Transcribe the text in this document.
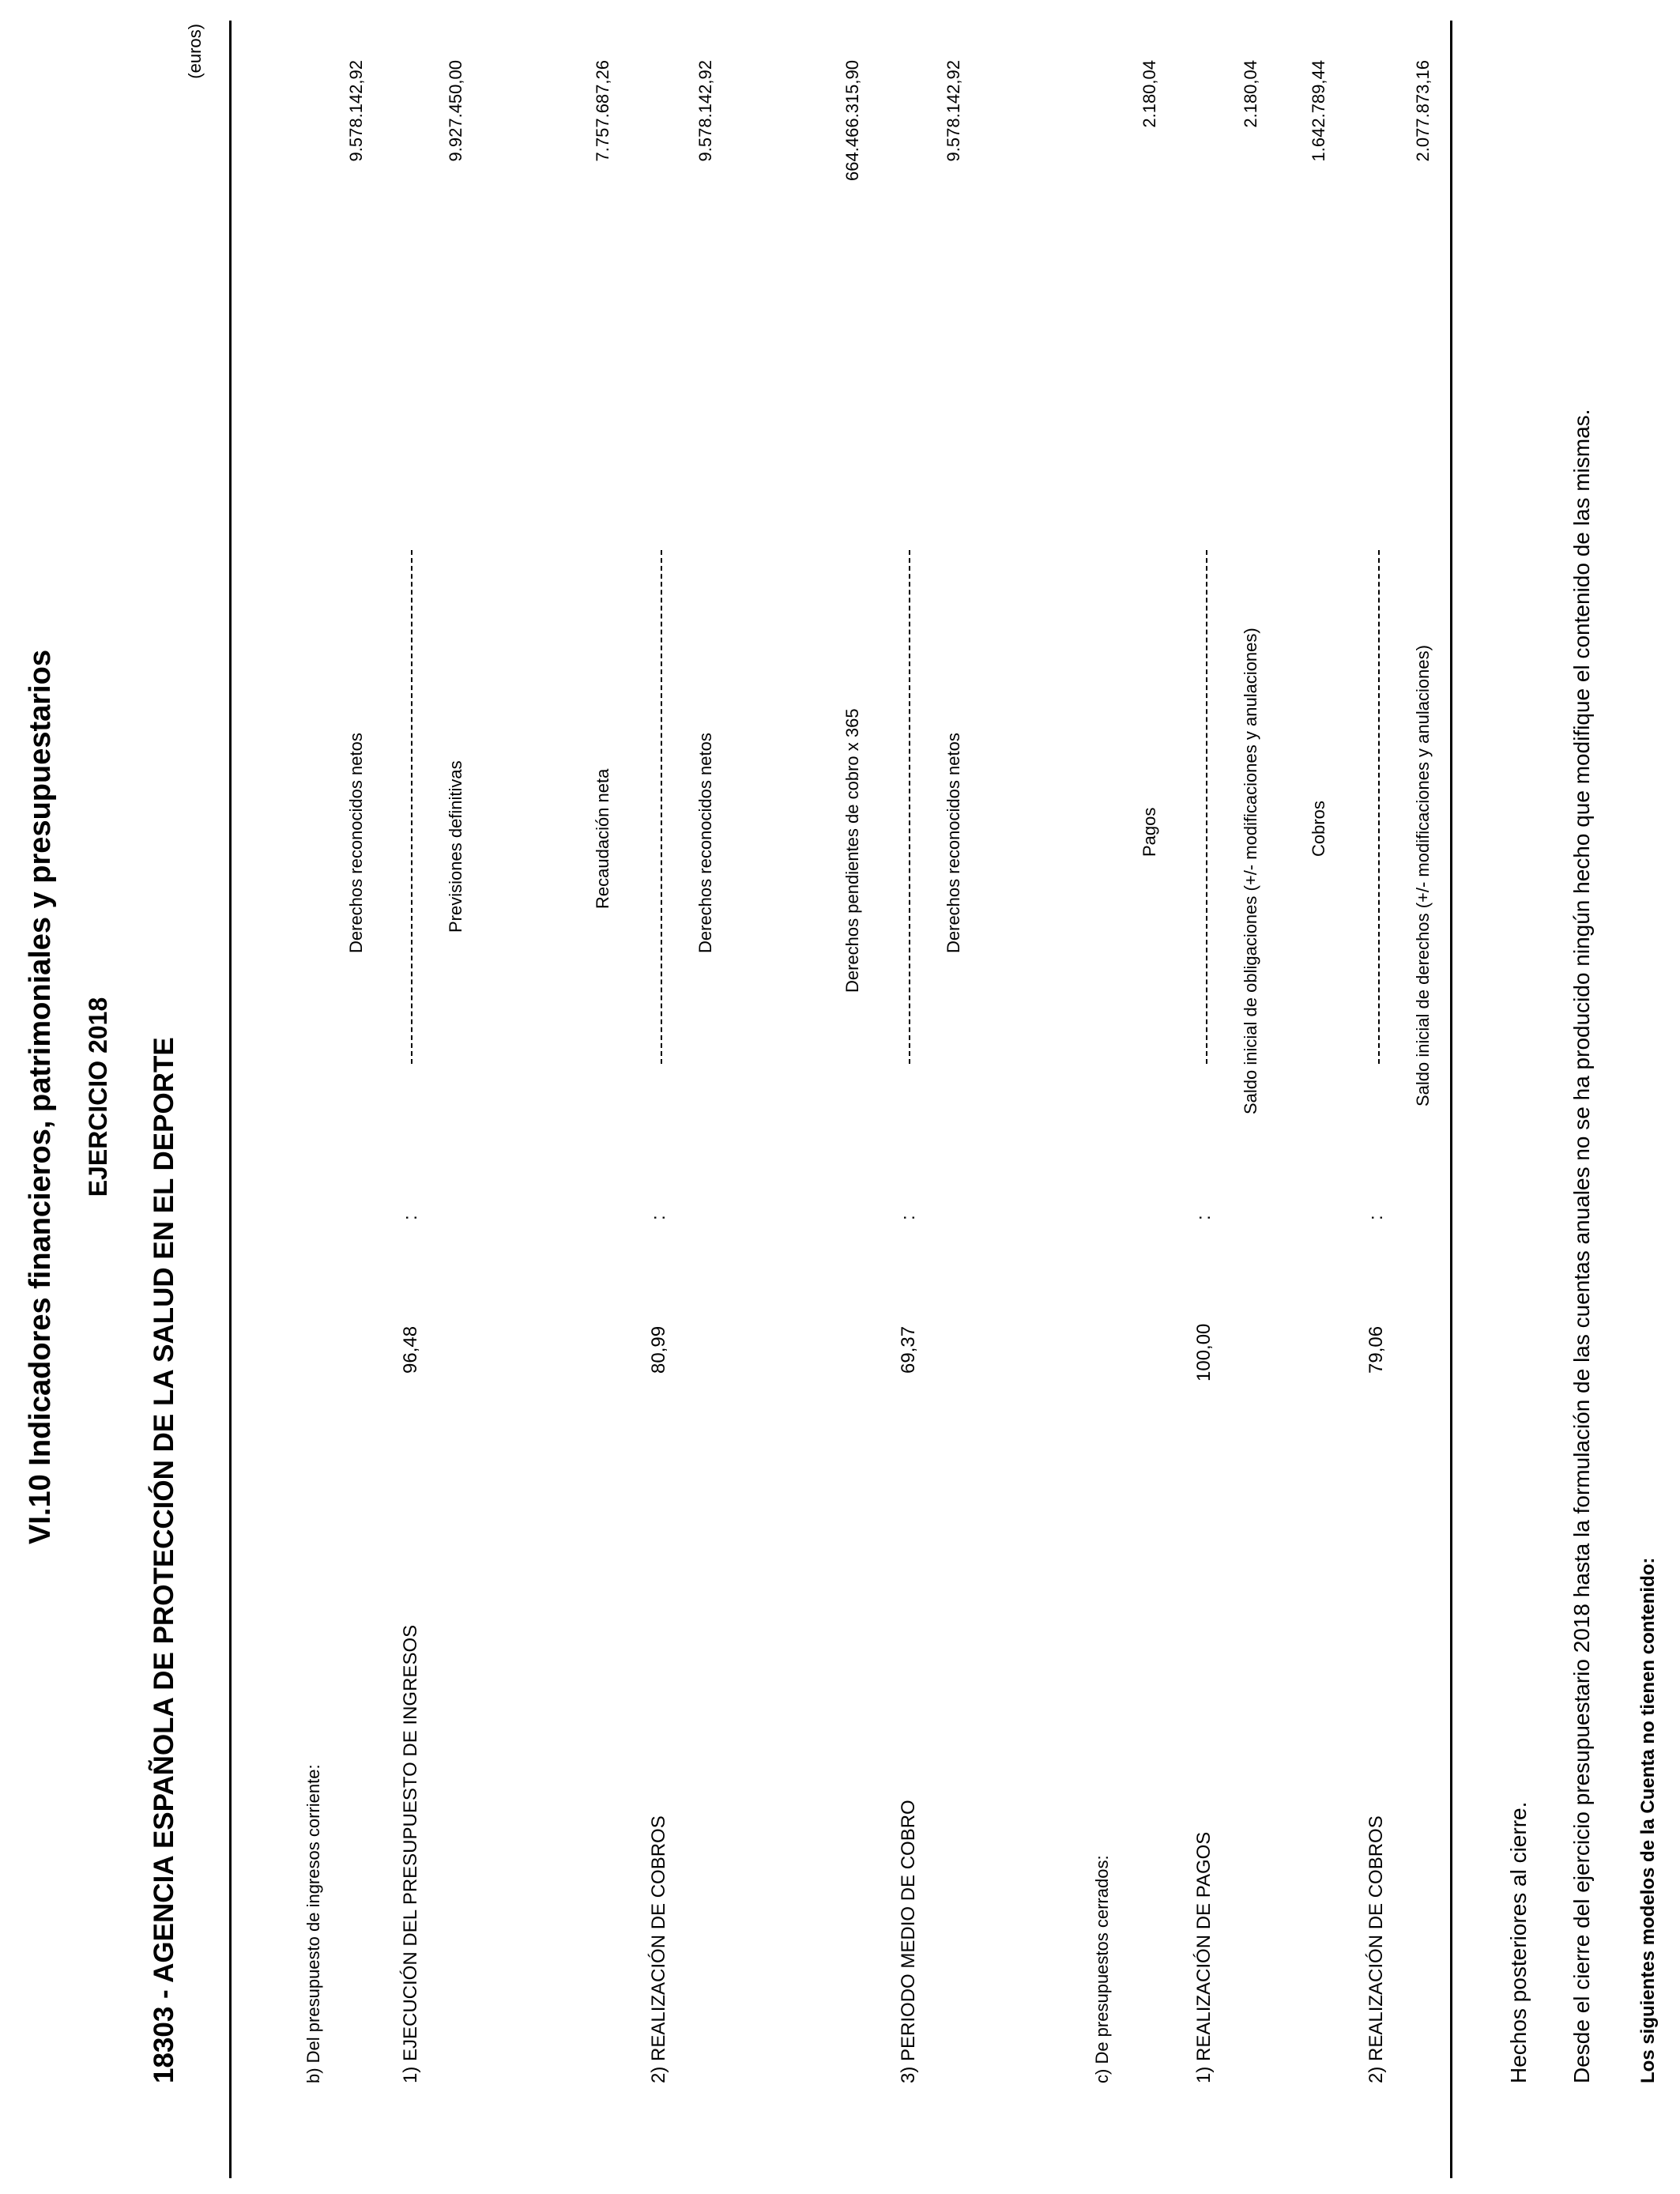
VI.10 Indicadores financieros, patrimoniales y presupuestarios EJERCICIO 2018 18303 - AGENCIA ESPAÑOLA DE PROTECCIÓN DE LA SALUD EN EL DEPORTE
(euros)
b) Del presupuesto de ingresos corriente:	1) EJECUCIÓN DEL PRESUPUESTO DE INGRESOS
96,48
:
Derechos reconocidos netos
9.578.142,92
Previsiones definitivas
9.927.450,00
2) REALIZACIÓN DE COBROS
80,99
:
Recaudación neta
7.757.687,26
Derechos reconocidos netos
9.578.142,92
3) PERIODO MEDIO DE COBRO
69,37
:
Derechos pendientes de cobro x 365
664.466.315,90
Derechos reconocidos netos
9.578.142,92
c) De presupuestos cerrados:	1) REALIZACIÓN DE PAGOS
100,00
:
Pagos
2.180,04
Saldo inicial de obligaciones (+/- modificaciones y anulaciones)
2.180,04
2) REALIZACIÓN DE COBROS
79,06
:
Cobros
1.642.789,44
Saldo inicial de derechos (+/- modificaciones y anulaciones)
2.077.873,16
Hechos posteriores al cierre. Desde el cierre del ejercicio presupuestario 2018 hasta la formulación de las cuentas anuales no se ha producido ningún hecho que modifique el contenido de las mismas. Los siguientes modelos de la Cuenta no tienen contenido:
